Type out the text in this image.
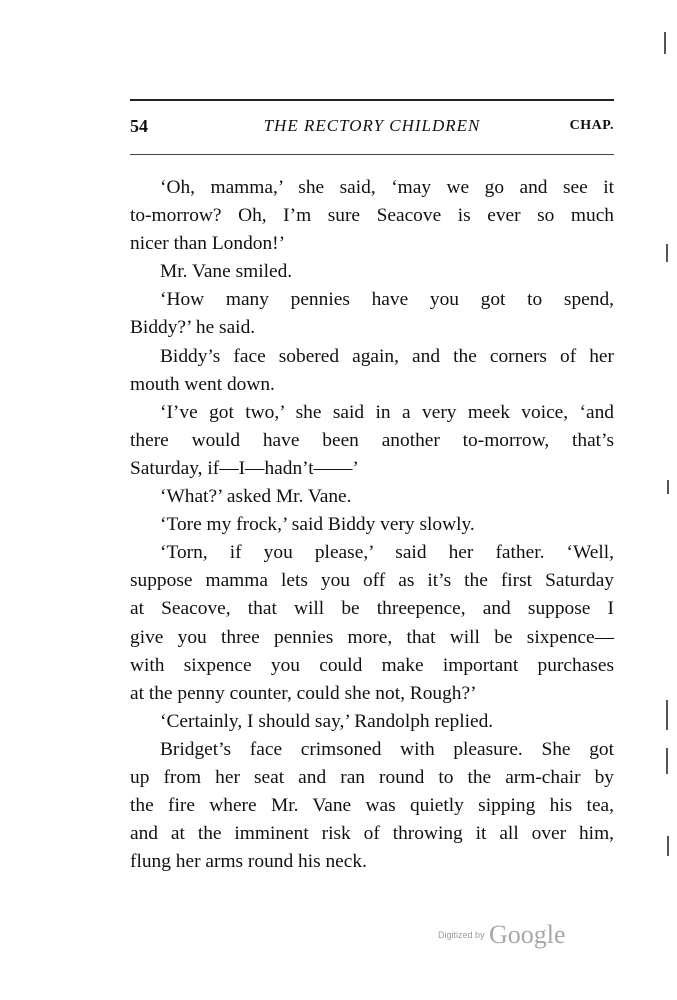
54	THE RECTORY CHILDREN	CHAP.
‘Oh, mamma,’ she said, ‘may we go and see it
to-morrow? Oh, I’m sure Seacove is ever so much
nicer than London!’
Mr. Vane smiled.
‘How many pennies have you got to spend,
Biddy?’ he said.
Biddy’s face sobered again, and the corners of her
mouth went down.
‘I’ve got two,’ she said in a very meek voice, ‘and
there would have been another to-morrow, that’s
Saturday, if—I—hadn’t——’
‘What?’ asked Mr. Vane.
‘Tore my frock,’ said Biddy very slowly.
‘Torn, if you please,’ said her father. ‘Well,
suppose mamma lets you off as it’s the first Saturday
at Seacove, that will be threepence, and suppose I
give you three pennies more, that will be sixpence—
with sixpence you could make important purchases
at the penny counter, could she not, Rough?’
‘Certainly, I should say,’ Randolph replied.
Bridget’s face crimsoned with pleasure. She got
up from her seat and ran round to the arm-chair by
the fire where Mr. Vane was quietly sipping his tea,
and at the imminent risk of throwing it all over him,
flung her arms round his neck.
Digitized by Google
